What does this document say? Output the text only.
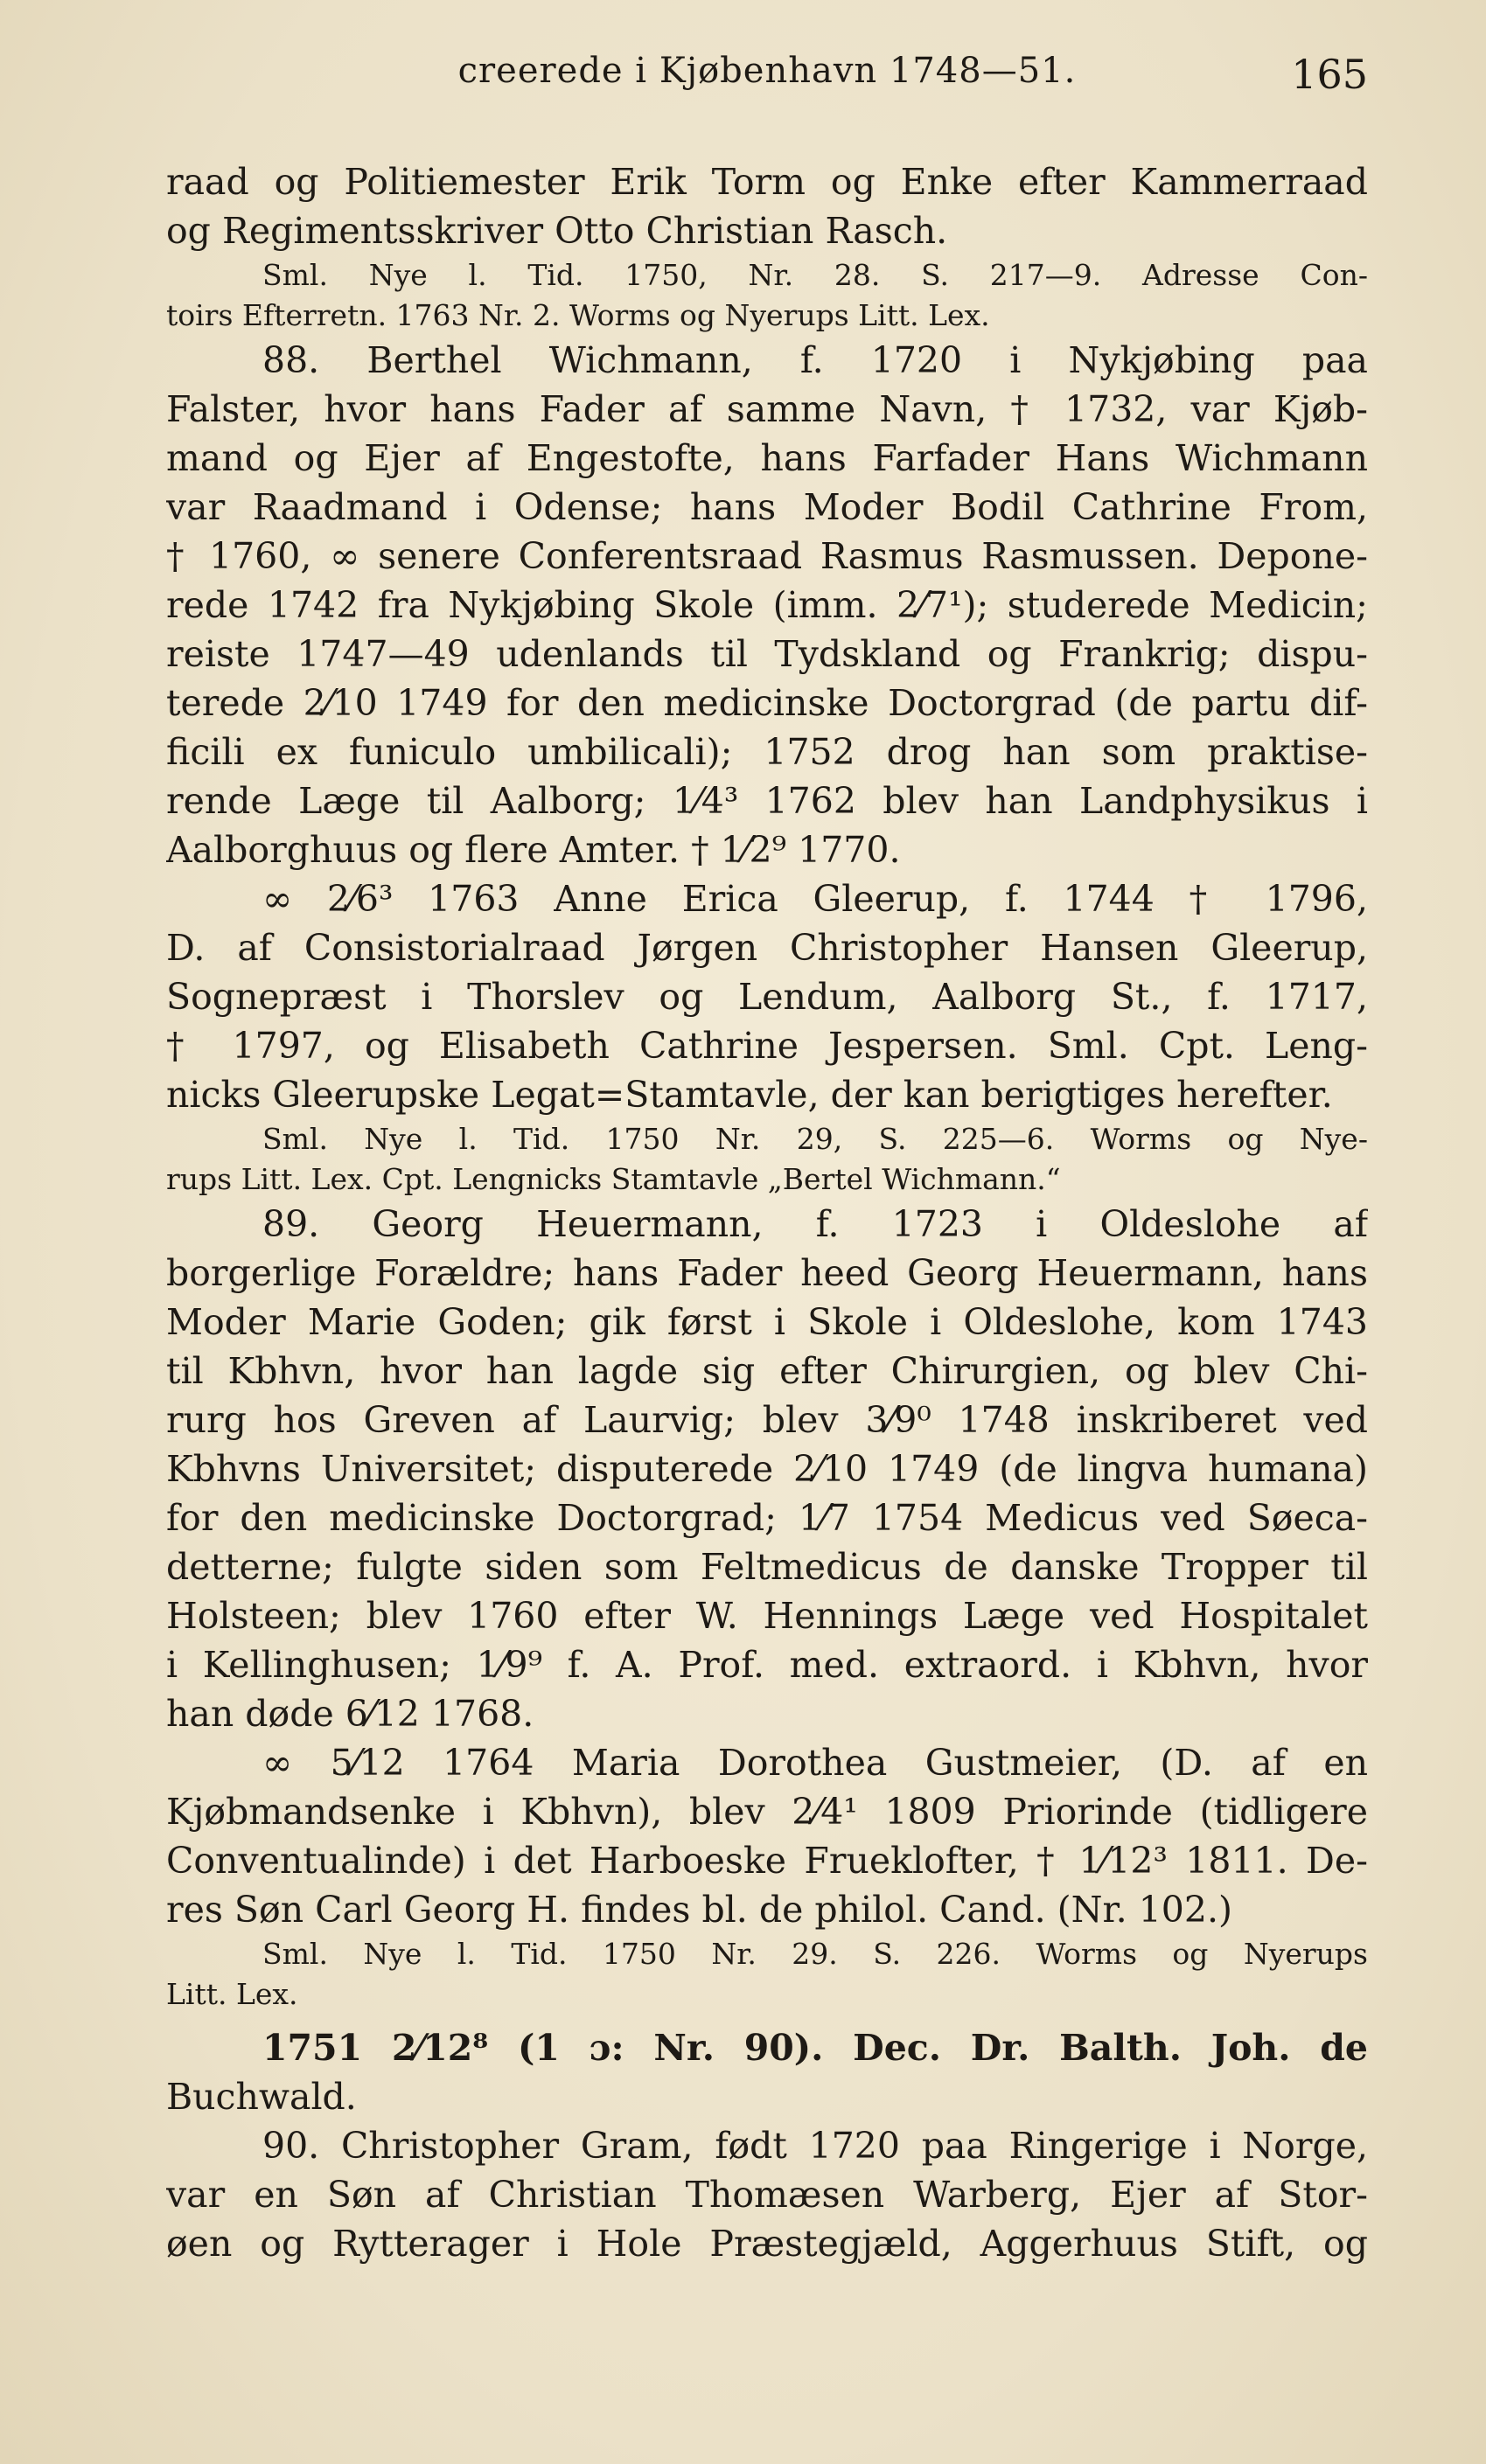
creerede i Kjøbenhavn 1748—51.	165
raad og Politiemester Erik Torm og Enke efter Kammerraad
og Regimentsskriver Otto Christian Rasch.
Sml. Nye l. Tid. 1750, Nr. 28. S. 217—9. Adresse Con-
toirs Efterretn. 1763 Nr. 2. Worms og Nyerups Litt. Lex.
88. Berthel Wichmann, f. 1720 i Nykjøbing paa
Falster, hvor hans Fader af samme Navn, † 1732, var Kjøb-
mand og Ejer af Engestofte, hans Farfader Hans Wichmann
var Raadmand i Odense; hans Moder Bodil Cathrine From,
† 1760, ∞ senere Conferentsraad Rasmus Rasmussen. Depone-
rede 1742 fra Nykjøbing Skole (imm. 2⁄7¹); studerede Medicin;
reiste 1747—49 udenlands til Tydskland og Frankrig; dispu-
terede 2⁄10 1749 for den medicinske Doctorgrad (de partu dif-
ficili ex funiculo umbilicali); 1752 drog han som praktise-
rende Læge til Aalborg; 1⁄4³ 1762 blev han Landphysikus i
Aalborghuus og flere Amter. † 1⁄2⁹ 1770.
∞ 2⁄6³ 1763 Anne Erica Gleerup, f. 1744 † 1796,
D. af Consistorialraad Jørgen Christopher Hansen Gleerup,
Sognepræst i Thorslev og Lendum, Aalborg St., f. 1717,
† 1797, og Elisabeth Cathrine Jespersen. Sml. Cpt. Leng-
nicks Gleerupske Legat=Stamtavle, der kan berigtiges herefter.
Sml. Nye l. Tid. 1750 Nr. 29, S. 225—6. Worms og Nye-
rups Litt. Lex. Cpt. Lengnicks Stamtavle „Bertel Wichmann.“
89. Georg Heuermann, f. 1723 i Oldeslohe af
borgerlige Forældre; hans Fader heed Georg Heuermann, hans
Moder Marie Goden; gik først i Skole i Oldeslohe, kom 1743
til Kbhvn, hvor han lagde sig efter Chirurgien, og blev Chi-
rurg hos Greven af Laurvig; blev 3⁄9⁰ 1748 inskriberet ved
Kbhvns Universitet; disputerede 2⁄10 1749 (de lingva humana)
for den medicinske Doctorgrad; 1⁄7 1754 Medicus ved Søeca-
detterne; fulgte siden som Feltmedicus de danske Tropper til
Holsteen; blev 1760 efter W. Hennings Læge ved Hospitalet
i Kellinghusen; 1⁄9⁹ f. A. Prof. med. extraord. i Kbhvn, hvor
han døde 6⁄12 1768.
∞ 5⁄12 1764 Maria Dorothea Gustmeier, (D. af en
Kjøbmandsenke i Kbhvn), blev 2⁄4¹ 1809 Priorinde (tidligere
Conventualinde) i det Harboeske Frueklofter, † 1⁄12³ 1811. De-
res Søn Carl Georg H. findes bl. de philol. Cand. (Nr. 102.)
Sml. Nye l. Tid. 1750 Nr. 29. S. 226. Worms og Nyerups
Litt. Lex.
1751 2⁄12⁸ (1 ɔ: Nr. 90). Dec. Dr. Balth. Joh. de
Buchwald.
90. Christopher Gram, født 1720 paa Ringerige i Norge,
var en Søn af Christian Thomæsen Warberg, Ejer af Stor-
øen og Rytterager i Hole Præstegjæld, Aggerhuus Stift, og
